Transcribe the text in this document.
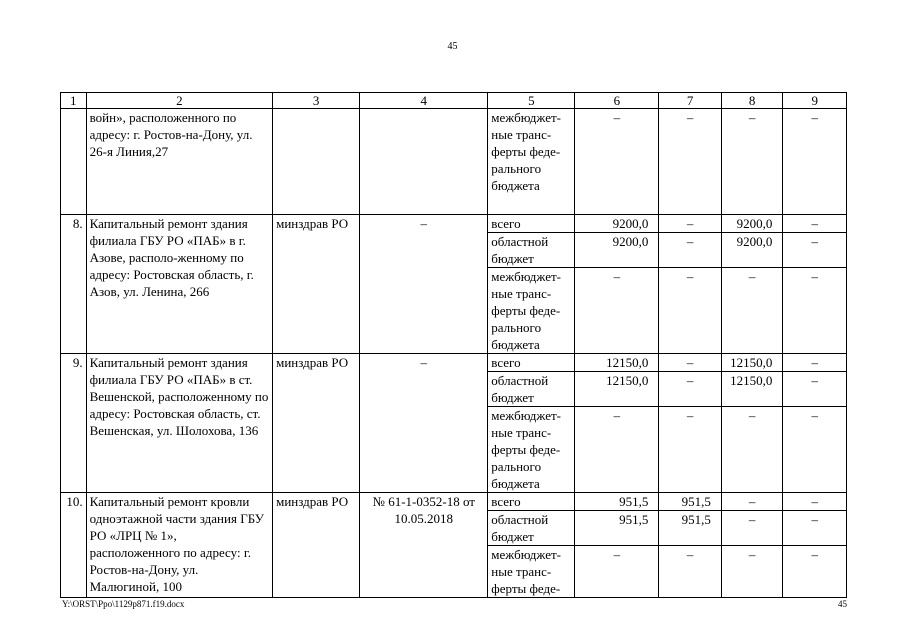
45
1	2	3	4	5	6	7	8	9
	войн», расположенного по адресу: г. Ростов-на-Дону, ул. 26-я Линия,27			межбюджет-ные транс-ферты феде-рального бюджета	–	–	–	–
8.	Капитальный ремонт здания филиала ГБУ РО «ПАБ» в г. Азове, располо-женному по адресу: Ростовская область, г. Азов, ул. Ленина, 266	минздрав РО	–	всего	9200,0	–	9200,0	–
				областной бюджет	9200,0	–	9200,0	–
				межбюджет-ные транс-ферты феде-рального бюджета	–	–	–	–
9.	Капитальный ремонт здания филиала ГБУ РО «ПАБ» в ст. Вешенской, расположенному по адресу: Ростовская область, ст. Вешенская, ул. Шолохова, 136	минздрав РО	–	всего	12150,0	–	12150,0	–
				областной бюджет	12150,0	–	12150,0	–
				межбюджет-ные транс-ферты феде-рального бюджета	–	–	–	–
10.	Капитальный ремонт кровли одноэтажной части здания ГБУ РО «ЛРЦ № 1», расположенного по адресу: г. Ростов-на-Дону, ул. Малюгиной, 100	минздрав РО	№ 61-1-0352-18 от 10.05.2018	всего	951,5	951,5	–	–
				областной бюджет	951,5	951,5	–	–
				межбюджет-ные транс-ферты феде-	–	–	–	–
Y:\ORST\Ppo\1129p871.f19.docx	45
